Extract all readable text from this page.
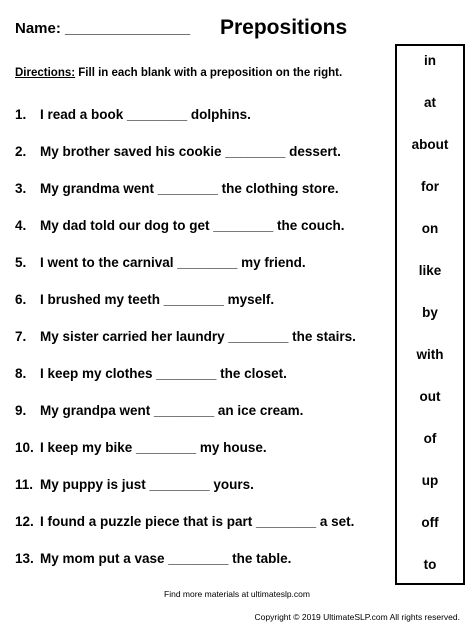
Name: _______________ Prepositions
Directions: Fill in each blank with a preposition on the right.
1. I read a book ________ dolphins.
2. My brother saved his cookie ________ dessert.
3. My grandma went ________ the clothing store.
4. My dad told our dog to get ________ the couch.
5. I went to the carnival ________ my friend.
6. I brushed my teeth ________ myself.
7. My sister carried her laundry ________ the stairs.
8. I keep my clothes ________ the closet.
9. My grandpa went ________ an ice cream.
10. I keep my bike ________ my house.
11. My puppy is just ________ yours.
12. I found a puzzle piece that is part ________ a set.
13. My mom put a vase ________ the table.
in
at
about
for
on
like
by
with
out
of
up
off
to
Find more materials at ultimateslp.com
Copyright © 2019 UltimateSLP.com All rights reserved.
